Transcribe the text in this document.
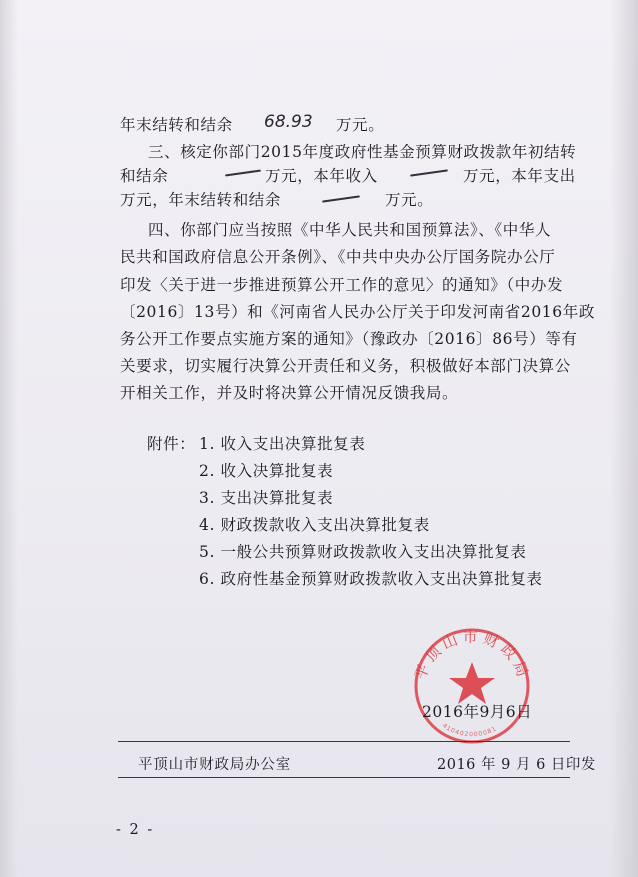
年末结转和结余 68.93 万元。
三、核定你部门2015年度政府性基金预算财政拨款年初结转
和结余	万元，本年收入	万元，本年支出
万元，年末结转和结余	万元。
四、你部门应当按照《中华人民共和国预算法》、《中华人
民共和国政府信息公开条例》、《中共中央办公厅国务院办公厅
印发〈关于进一步推进预算公开工作的意见〉的通知》（中办发
〔2016〕13号）和《河南省人民办公厅关于印发河南省2016年政
务公开工作要点实施方案的通知》（豫政办〔2016〕86号）等有
关要求，切实履行决算公开责任和义务，积极做好本部门决算公
开相关工作，并及时将决算公开情况反馈我局。
附件： 1. 收入支出决算批复表
2. 收入决算批复表
3. 支出决算批复表
4. 财政拨款收入支出决算批复表
5. 一般公共预算财政拨款收入支出决算批复表
6. 政府性基金预算财政拨款收入支出决算批复表
平顶山市财政局
410402000081
2016年9月6日
平顶山市财政局办公室	2016 年 9 月 6 日印发
- 2 -
